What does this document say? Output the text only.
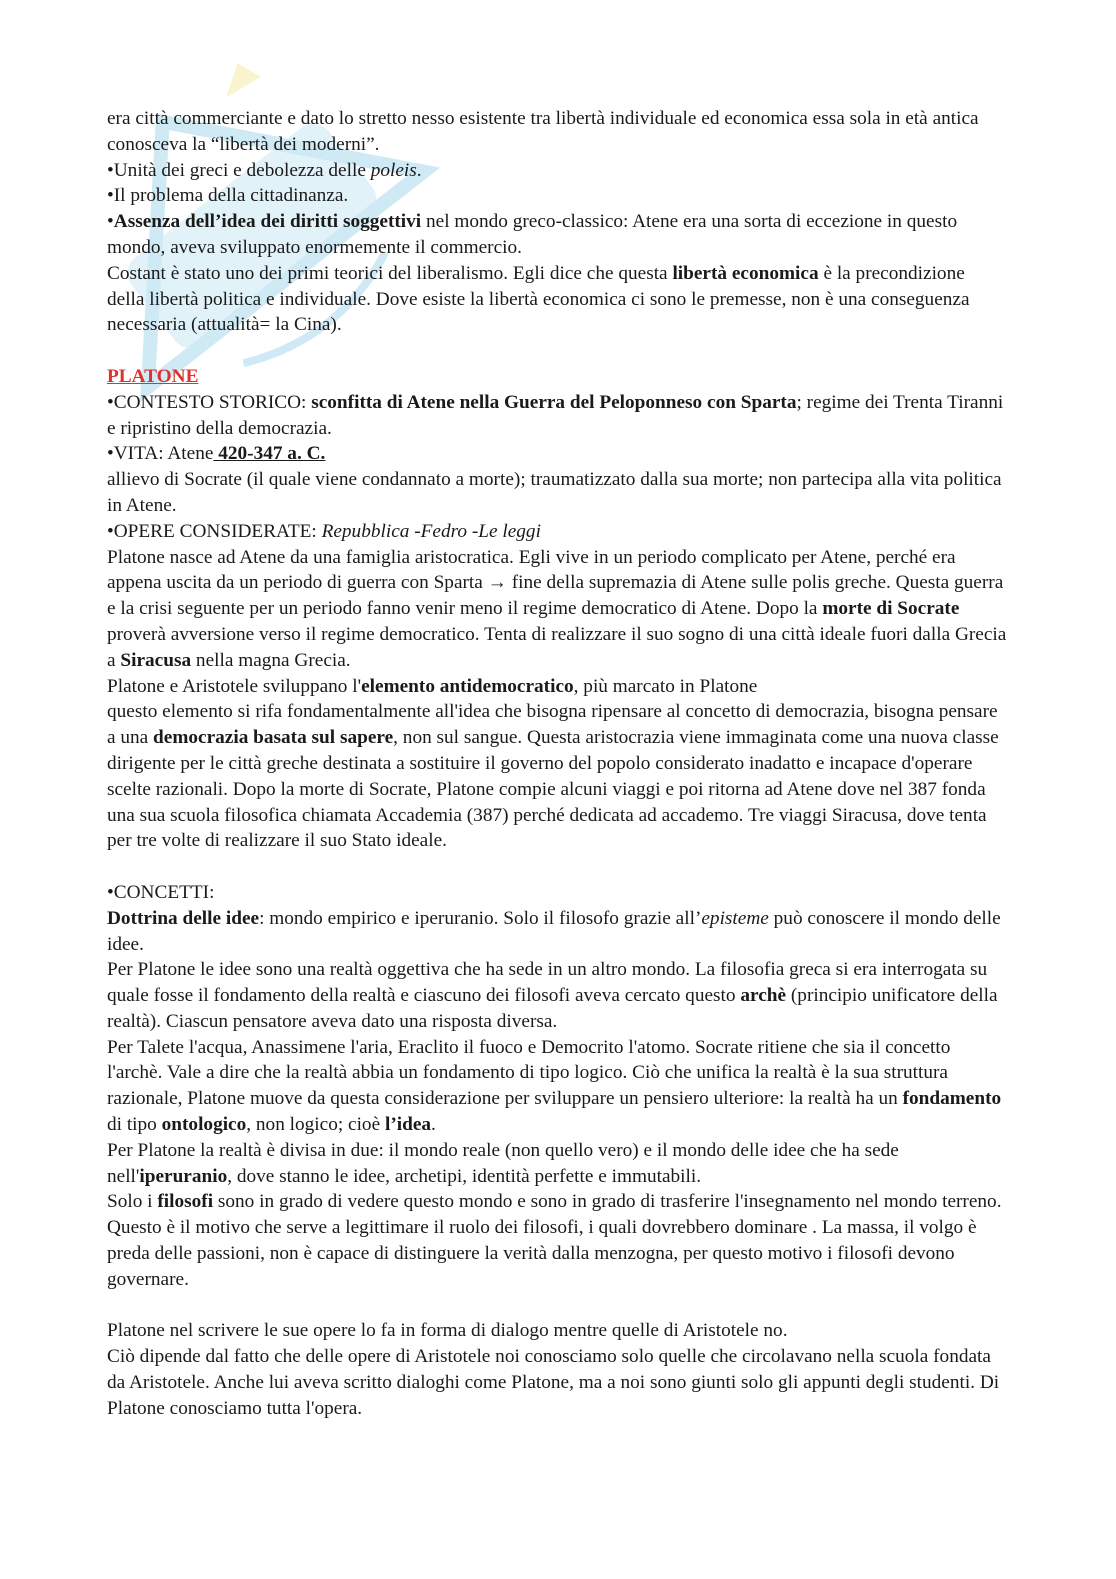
era città commerciante e dato lo stretto nesso esistente tra libertà individuale ed economica essa sola in età antica conosceva la “libertà dei moderni”.

•Unità dei greci e debolezza delle poleis.

•Il problema della cittadinanza.

•Assenza dell’idea dei diritti soggettivi nel mondo greco-classico: Atene era una sorta di eccezione in questo mondo, aveva sviluppato enormemente il commercio.

Costant è stato uno dei primi teorici del liberalismo. Egli dice che questa libertà economica è la precondizione della libertà politica e individuale. Dove esiste la libertà economica ci sono le premesse, non è una conseguenza necessaria (attualità= la Cina).

PLATONE

•CONTESTO STORICO: sconfitta di Atene nella Guerra del Peloponneso con Sparta; regime dei Trenta Tiranni e ripristino della democrazia.

•VITA: Atene 420-347 a. C.

allievo di Socrate (il quale viene condannato a morte); traumatizzato dalla sua morte; non partecipa alla vita politica in Atene.

•OPERE CONSIDERATE: Repubblica -Fedro -Le leggi

Platone nasce ad Atene da una famiglia aristocratica. Egli vive in un periodo complicato per Atene, perché era appena uscita da un periodo di guerra con Sparta → fine della supremazia di Atene sulle polis greche. Questa guerra e la crisi seguente per un periodo fanno venir meno il regime democratico di Atene. Dopo la morte di Socrate proverà avversione verso il regime democratico. Tenta di realizzare il suo sogno di una città ideale fuori dalla Grecia a Siracusa nella magna Grecia.

Platone e Aristotele sviluppano l'elemento antidemocratico, più marcato in Platone

questo elemento si rifa fondamentalmente all'idea che bisogna ripensare al concetto di democrazia, bisogna pensare a una democrazia basata sul sapere, non sul sangue. Questa aristocrazia viene immaginata come una nuova classe dirigente per le città greche destinata a sostituire il governo del popolo considerato inadatto e incapace d'operare scelte razionali. Dopo la morte di Socrate, Platone compie alcuni viaggi e poi ritorna ad Atene dove nel 387 fonda una sua scuola filosofica chiamata Accademia (387) perché dedicata ad accademo. Tre viaggi Siracusa, dove tenta per tre volte di realizzare il suo Stato ideale.

•CONCETTI:

Dottrina delle idee: mondo empirico e iperuranio. Solo il filosofo grazie all’episteme può conoscere il mondo delle idee.

Per Platone le idee sono una realtà oggettiva che ha sede in un altro mondo. La filosofia greca si era interrogata su quale fosse il fondamento della realtà e ciascuno dei filosofi aveva cercato questo archè (principio unificatore della realtà). Ciascun pensatore aveva dato una risposta diversa.

Per Talete l'acqua, Anassimene l'aria, Eraclito il fuoco e Democrito l'atomo. Socrate ritiene che sia il concetto l'archè. Vale a dire che la realtà abbia un fondamento di tipo logico. Ciò che unifica la realtà è la sua struttura razionale, Platone muove da questa considerazione per sviluppare un pensiero ulteriore: la realtà ha un fondamento di tipo ontologico, non logico; cioè l’idea.

Per Platone la realtà è divisa in due: il mondo reale (non quello vero) e il mondo delle idee che ha sede nell'iperuranio, dove stanno le idee, archetipi, identità perfette e immutabili.

Solo i filosofi sono in grado di vedere questo mondo e sono in grado di trasferire l'insegnamento nel mondo terreno. Questo è il motivo che serve a legittimare il ruolo dei filosofi, i quali dovrebbero dominare . La massa, il volgo è preda delle passioni, non è capace di distinguere la verità dalla menzogna, per questo motivo i filosofi devono governare.

Platone nel scrivere le sue opere lo fa in forma di dialogo mentre quelle di Aristotele no.

Ciò dipende dal fatto che delle opere di Aristotele noi conosciamo solo quelle che circolavano nella scuola fondata da Aristotele. Anche lui aveva scritto dialoghi come Platone, ma a noi sono giunti solo gli appunti degli studenti. Di Platone conosciamo tutta l'opera.
